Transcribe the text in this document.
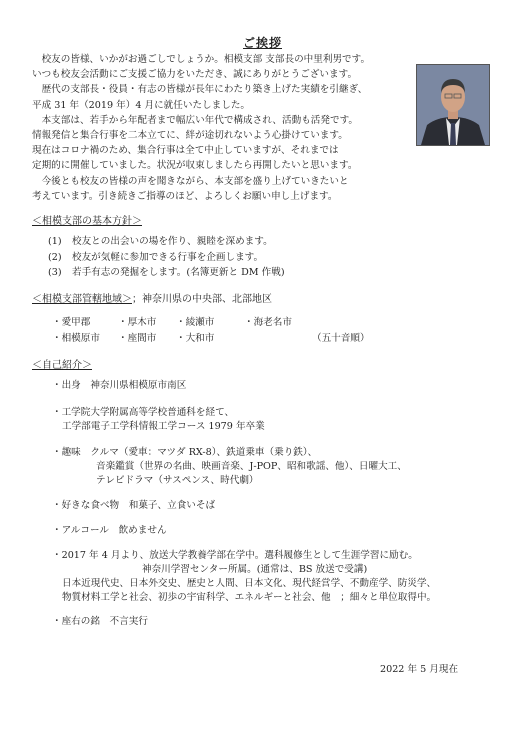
ご挨拶
　校友の皆様、いかがお過ごしでしょうか。相模支部 支部長の中里利男です。
いつも校友会活動にご支援ご協力をいただき、誠にありがとうございます。
　歴代の支部長・役員・有志の皆様が長年にわたり築き上げた実績を引継ぎ、
平成 31 年（2019 年）4 月に就任いたしました。
　本支部は、若手から年配者まで幅広い年代で構成され、活動も活発です。
情報発信と集合行事を二本立てに、絆が途切れないよう心掛けています。
現在はコロナ禍のため、集合行事は全て中止していますが、それまでは
定期的に開催していました。状況が収束しましたら再開したいと思います。
　今後とも校友の皆様の声を聞きながら、本支部を盛り上げていきたいと
考えています。引き続きご指導のほど、よろしくお願い申し上げます。
＜相模支部の基本方針＞
(1) 校友との出会いの場を作り、親睦を深めます。
(2) 校友が気軽に参加できる行事を企画します。
(3) 若手有志の発掘をします。(名簿更新と DM 作戦)
＜相模支部管轄地域＞；神奈川県の中央部、北部地区
・愛甲郡	・厚木市 ・綾瀬市	・海老名市
・相模原市 ・座間市 ・大和市	（五十音順）
＜自己紹介＞
・出身　神奈川県相模原市南区
・工学院大学附属高等学校普通科を経て、
工学部電子工学科情報工学コース 1979 年卒業
・趣味　クルマ（愛車：マツダ RX-8）、鉄道乗車（乗り鉄）、
音楽鑑賞（世界の名曲、映画音楽、J-POP、昭和歌謡、他）、日曜大工、
テレビドラマ（サスペンス、時代劇）
・好きな食べ物　和菓子、立食いそば
・アルコール　飲めません
・2017 年 4 月より、放送大学教養学部在学中。選科履修生として生涯学習に励む。
神奈川学習センター所属。(通常は、BS 放送で受講)
日本近現代史、日本外交史、歴史と人間、日本文化、現代経営学、不動産学、防災学、
物質材料工学と社会、初歩の宇宙科学、エネルギーと社会、他　；細々と単位取得中。
・座右の銘　不言実行
2022 年 5 月現在
